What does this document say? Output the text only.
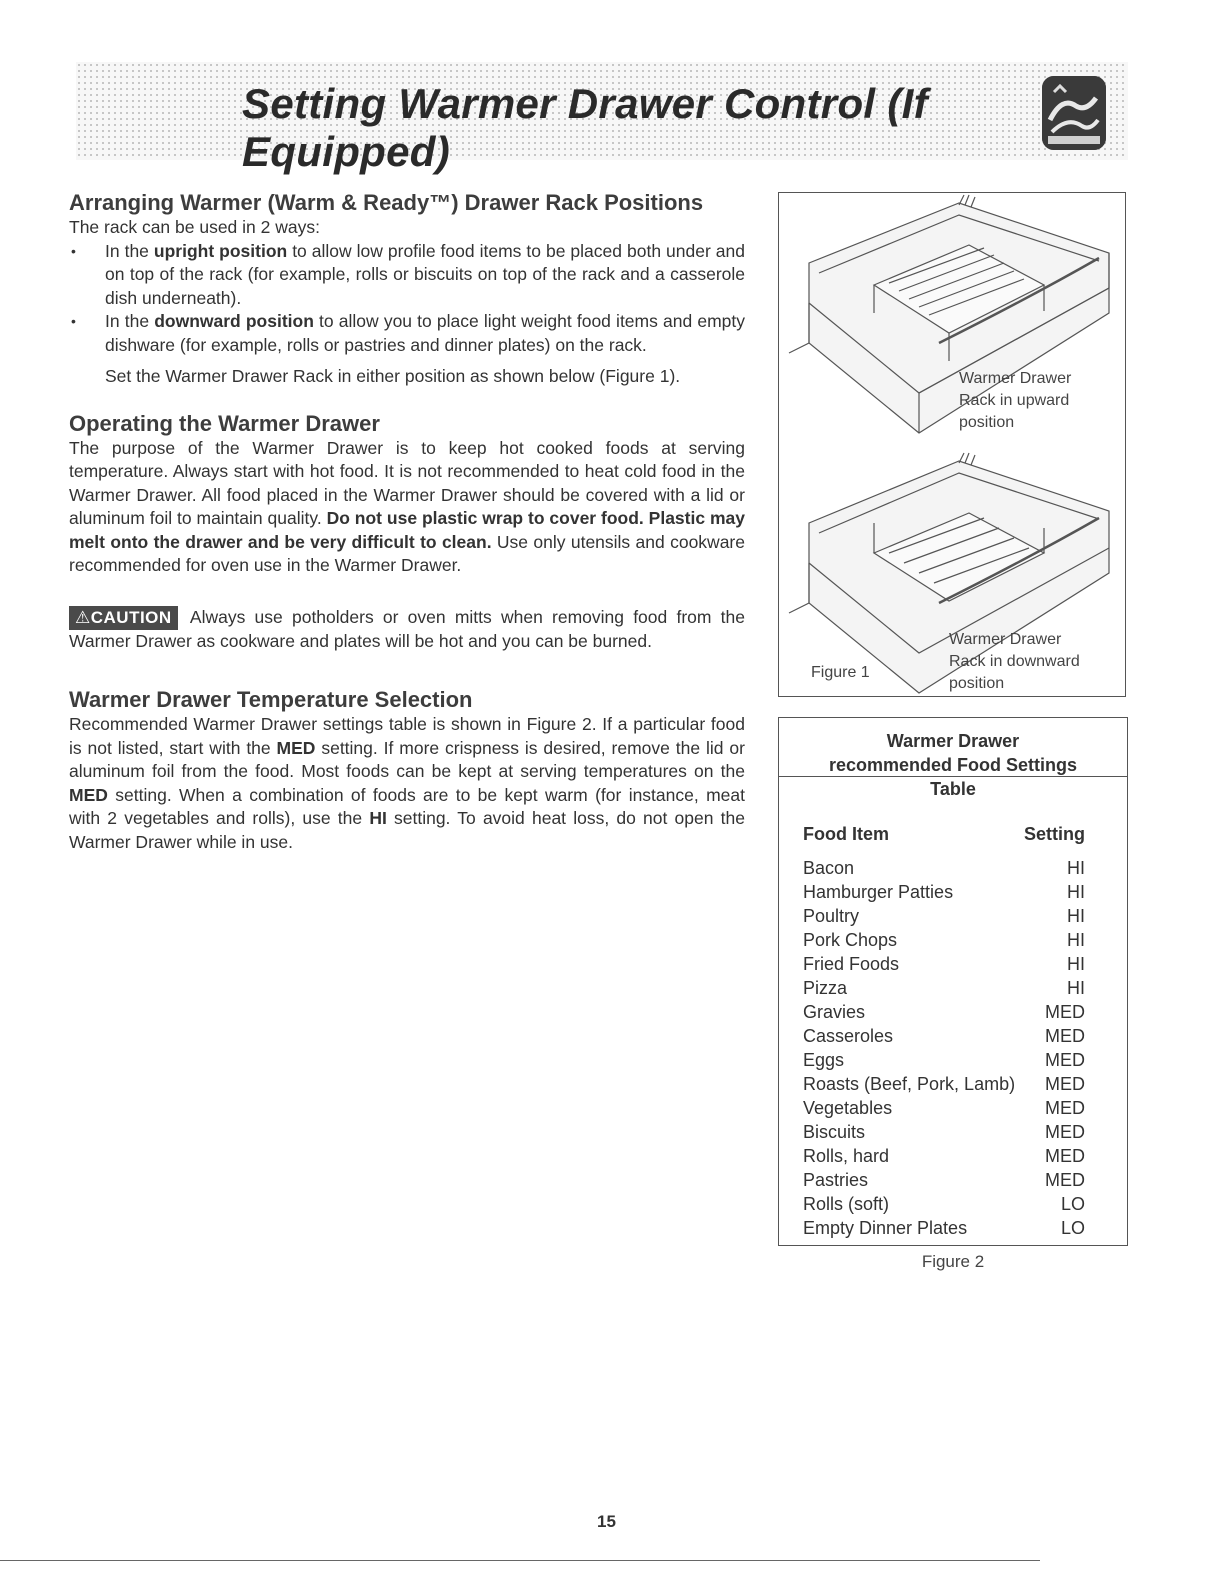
Setting Warmer Drawer Control (If Equipped)
Arranging Warmer (Warm & Ready™) Drawer Rack Positions

The rack can be used in 2 ways:

• In the upright position to allow low profile food items to be placed both under and on top of the rack (for example, rolls or biscuits on top of the rack and a casserole dish underneath).
• In the downward position to allow you to place light weight food items and empty dishware (for example, rolls or pastries and dinner plates) on the rack.

Set the Warmer Drawer Rack in either position as shown below (Figure 1).

Operating the Warmer Drawer

The purpose of the Warmer Drawer is to keep hot cooked foods at serving temperature. Always start with hot food. It is not recommended to heat cold food in the Warmer Drawer. All food placed in the Warmer Drawer should be covered with a lid or aluminum foil to maintain quality. Do not use plastic wrap to cover food. Plastic may melt onto the drawer and be very difficult to clean. Use only utensils and cookware recommended for oven use in the Warmer Drawer.

⚠CAUTION Always use potholders or oven mitts when removing food from the Warmer Drawer as cookware and plates will be hot and you can be burned.

Warmer Drawer Temperature Selection

Recommended Warmer Drawer settings table is shown in Figure 2. If a particular food is not listed, start with the MED setting. If more crispness is desired, remove the lid or aluminum foil from the food. Most foods can be kept at serving temperatures on the MED setting. When a combination of foods are to be kept warm (for instance, meat with 2 vegetables and rolls), use the HI setting. To avoid heat loss, do not open the Warmer Drawer while in use.

Warmer Drawer
Rack in upward
position
Warmer Drawer
Rack in downward
position
Figure 1
Warmer Drawer
recommended Food Settings
Table
Food Item	Setting
Bacon	HI
Hamburger Patties	HI
Poultry	HI
Pork Chops	HI
Fried Foods	HI
Pizza	HI
Gravies	MED
Casseroles	MED
Eggs	MED
Roasts (Beef, Pork, Lamb) MED
Vegetables	MED
Biscuits	MED
Rolls, hard	MED
Pastries	MED
Rolls (soft)	LO
Empty Dinner Plates	LO
Figure 2
15
